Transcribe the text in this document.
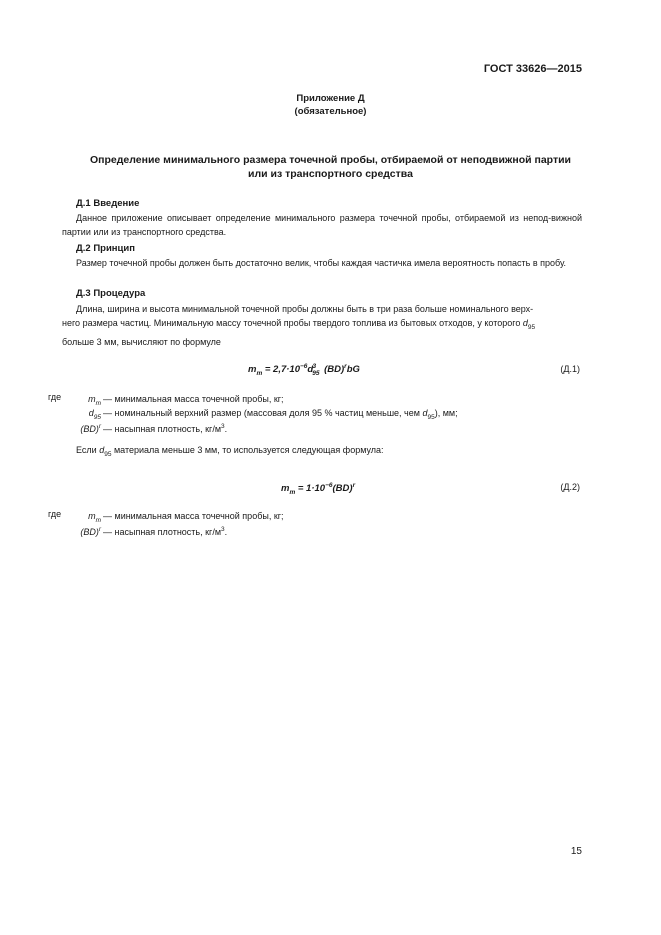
ГОСТ 33626—2015
Приложение Д
(обязательное)
Определение минимального размера точечной пробы, отбираемой от неподвижной партии
или из транспортного средства
Д.1 Введение
Данное приложение описывает определение минимального размера точечной пробы, отбираемой из непод-вижной партии или из транспортного средства.
Д.2 Принцип
Размер точечной пробы должен быть достаточно велик, чтобы каждая частичка имела вероятность попасть в пробу.
Д.3 Процедура
Длина, ширина и высота минимальной точечной пробы должны быть в три раза больше номинального верх-
него размера частиц. Минимальную массу точечной пробы твердого топлива из бытовых отходов, у которого $d_{95}$
больше 3 мм, вычисляют по формуле
$m_m = 2,7\cdot 10^{-6}d_{95}^3$ (BD)$^r$bG	(Д.1)
где	$m_m$ — минимальная масса точечной пробы, кг;
$d_{95}$ — номинальный верхний размер (массовая доля 95 % частиц меньше, чем $d_{95}$), мм;
(BD)$^r$ — насыпная плотность, $кг/м^3$.
Если $d_{95}$ материала меньше 3 мм, то используется следующая формула:
$m_m = 1\cdot 10^{-6}(BD)^r$	(Д.2)
где	$m_m$ — минимальная масса точечной пробы, кг;
(BD)$^r$ — насыпная плотность, $кг/м^3$.
15
